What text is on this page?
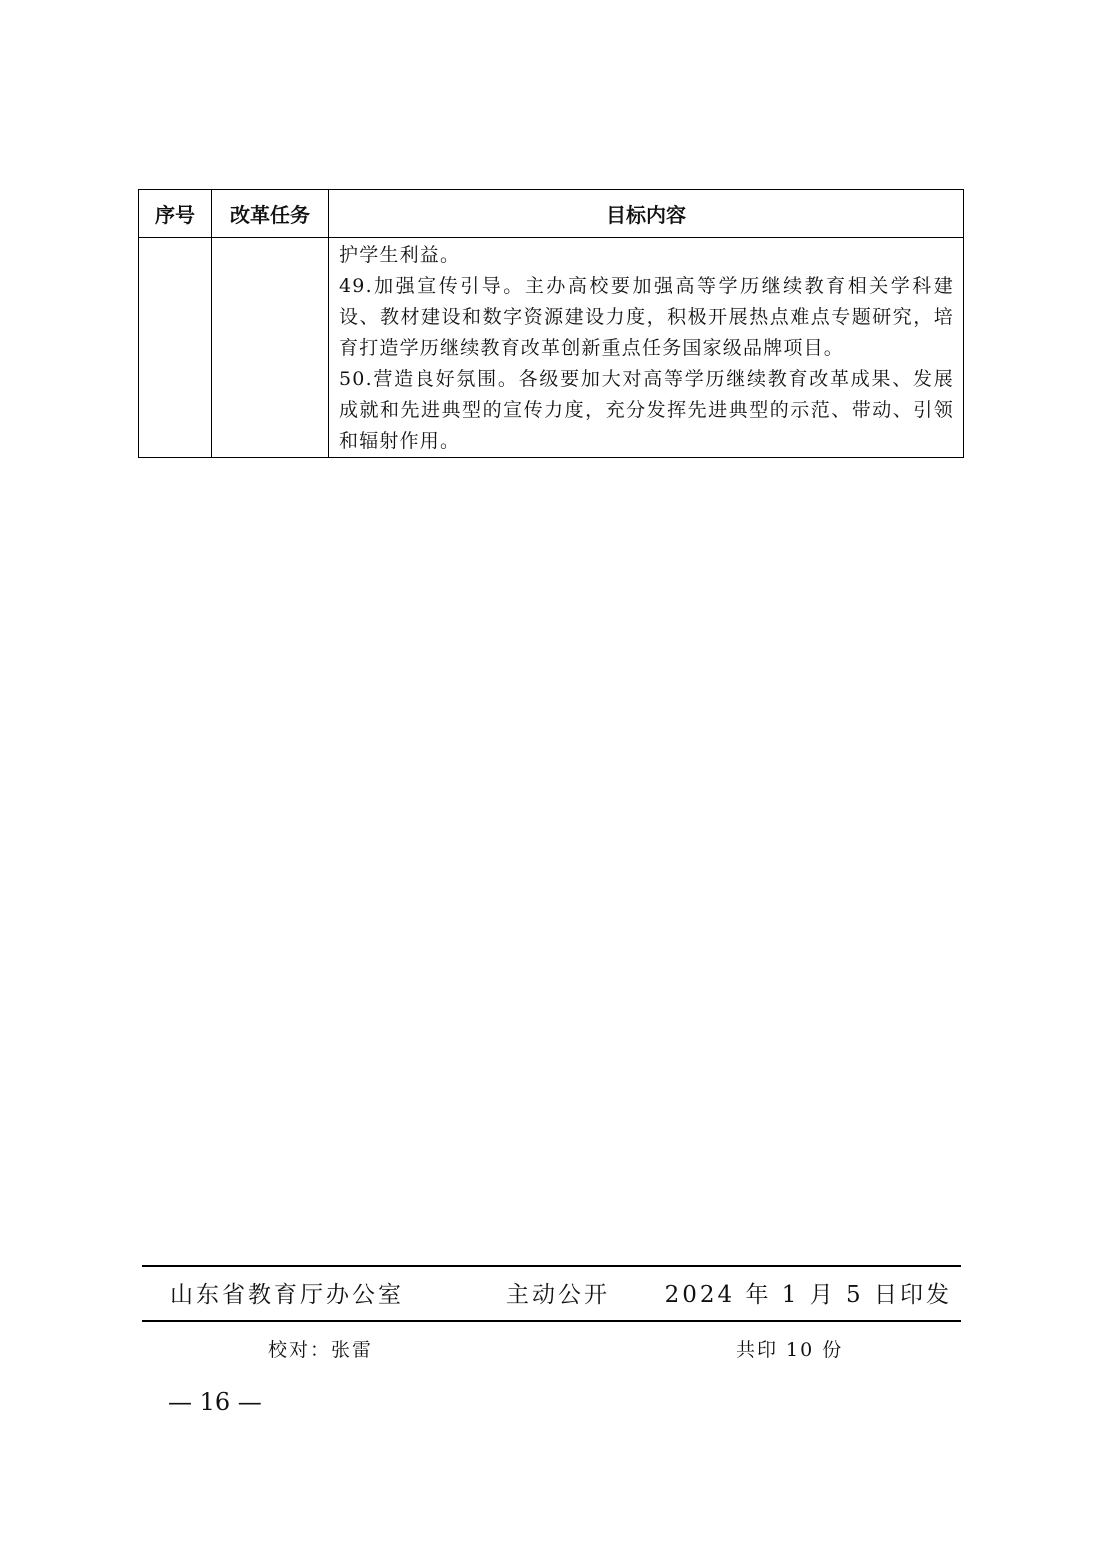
序号	改革任务	目标内容

		护学生利益。
49.加强宣传引导。主办高校要加强高等学历继续教育相关学科建设、教材建设和数字资源建设力度，积极开展热点难点专题研究，培育打造学历继续教育改革创新重点任务国家级品牌项目。
50.营造良好氛围。各级要加大对高等学历继续教育改革成果、发展成就和先进典型的宣传力度，充分发挥先进典型的示范、带动、引领和辐射作用。
山东省教育厅办公室	主动公开 2024 年 1 月 5 日印发
校对：张雷	共印 10 份
— 16 —
